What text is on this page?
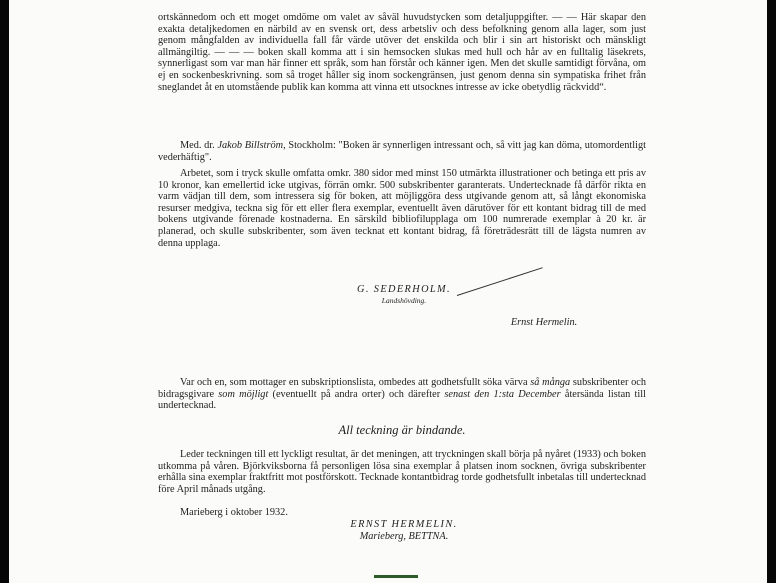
ortskännedom och ett moget omdöme om valet av såväl huvudstycken som detaljuppgifter. — — Här skapar den exakta detaljkedomen en närbild av en svensk ort, dess arbetsliv och dess befolkning genom alla lager, som just genom mångfalden av individuella fall får värde utöver det enskilda och blir i sin art historiskt och mänskligt allmängiltig. — — — boken skall komma att i sin hemsocken slukas med hull och hår av en fulltalig läsekrets, synnerligast som var man här finner ett språk, som han förstår och känner igen. Men det skulle samtidigt förvåna, om ej en sockenbeskrivning. som så troget håller sig inom sockengränsen, just genom denna sin sympatiska frihet från sneglandet åt en utomstående publik kan komma att vinna ett utsocknes intresse av icke obetydlig räckvidd“.

Med. dr. Jakob Billström, Stockholm: "Boken är synnerligen intressant och, så vitt jag kan döma, utomordentligt vederhäftig".

Arbetet, som i tryck skulle omfatta omkr. 380 sidor med minst 150 utmärkta illustrationer och betinga ett pris av 10 kronor, kan emellertid icke utgivas, förrän omkr. 500 subskribenter garanterats. Undertecknade få därför rikta en varm vädjan till dem, som intressera sig för boken, att möjliggöra dess utgivande genom att, så långt ekonomiska resurser medgiva, teckna sig för ett eller flera exemplar, eventuellt även därutöver för ett kontant bidrag till de med bokens utgivande förenade kostnaderna. En särskild bibliofilupplaga om 100 numrerade exemplar à 20 kr. är planerad, och skulle subskribenter, som även tecknat ett kontant bidrag, få företrädesrätt till de lägsta numren av denna upplaga.

G. SEDERHOLM.
Landshövding.
Ernst Hermelin.

Var och en, som mottager en subskriptionslista, ombedes att godhetsfullt söka värva så många subskribenter och bidragsgivare som möjligt (eventuellt på andra orter) och därefter senast den 1:sta December återsända listan till undertecknad.

All teckning är bindande.

Leder teckningen till ett lyckligt resultat, är det meningen, att tryckningen skall börja på nyåret (1933) och boken utkomma på våren. Björkviksborna få personligen lösa sina exemplar å platsen inom socknen, övriga subskribenter erhålla sina exemplar fraktfritt mot postförskott. Tecknade kontantbidrag torde godhetsfullt inbetalas till undertecknad före April månads utgång.

Marieberg i oktober 1932.
ERNST HERMELIN.
Marieberg, BETTNA.
